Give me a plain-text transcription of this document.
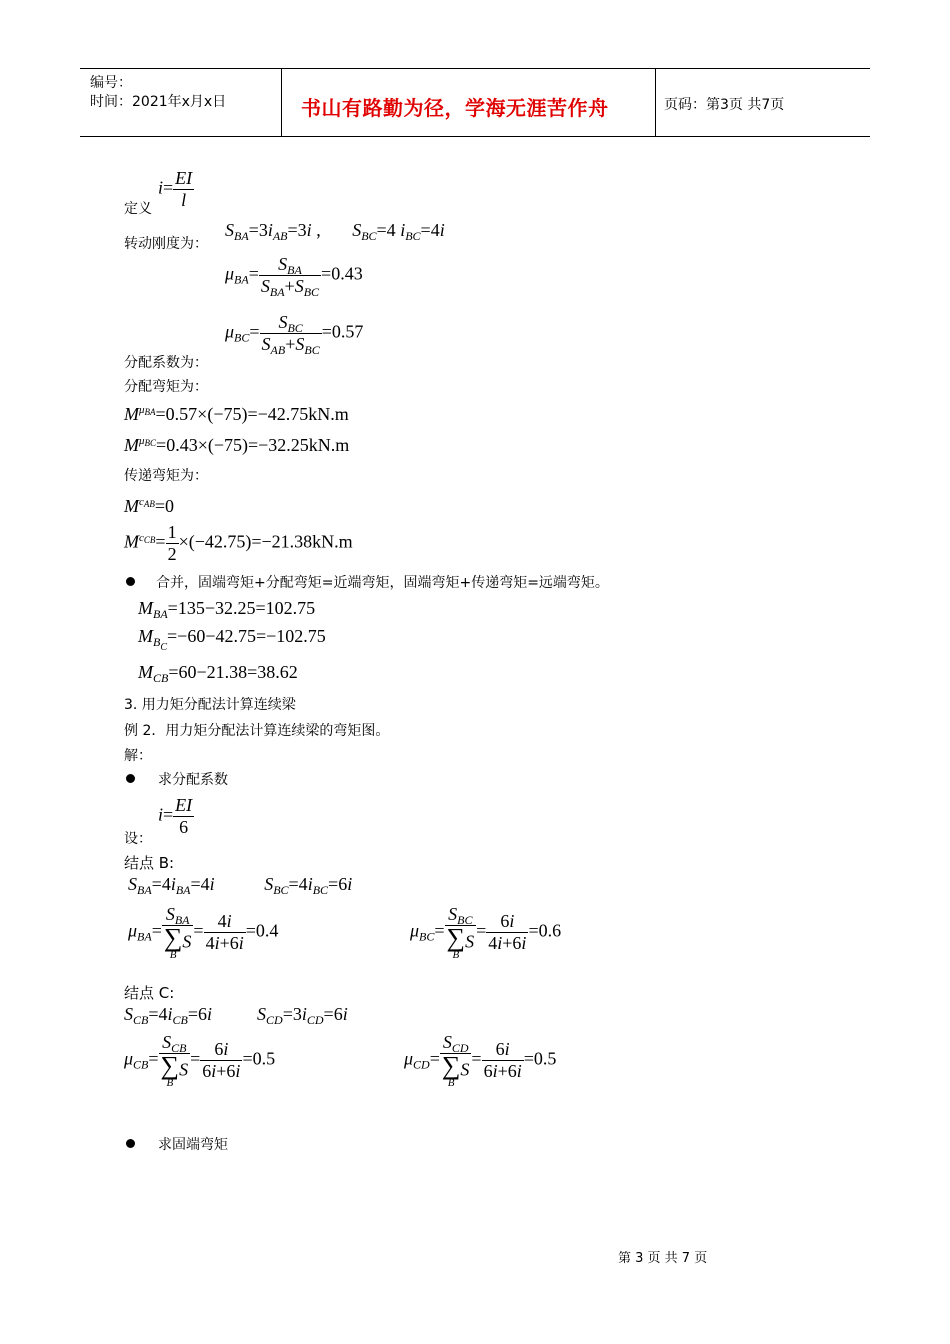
编号：
时间：2021年x月x日	书山有路勤为径，学海无涯苦作舟	页码：第3页 共7页
定义
$i= \frac{EI}{l}$
转动刚度为：
$S_{BA}=3i_{AB}=3i$ ,       $S_{BC}=4$ $i_{BC}=4i$
$\mu_{BA}= \frac{S_{BA}}{S_{BA}+S_{BC}} =0.43$
$\mu_{BC}= \frac{S_{BC}}{S_{AB}+S_{BC}} =0.57$
分配系数为：
分配弯矩为：
$M^{\mu_{BA}}=0.57\times(-75)=-42.75kN.m$
$M^{\mu_{BC}}=0.43\times(-75)=-32.25kN.m$
传递弯矩为：
$M^{c_{AB}}=0$
$M^{c_{CB}}= \frac{1}{2} \times(-42.75)=-21.38kN.m$
合并，固端弯矩+分配弯矩=近端弯矩，固端弯矩+传递弯矩=远端弯矩。
$M_{BA}=135-32.25=102.75$
$M_{B_C}=-60-42.75=-102.75$
$M_{CB}=60-21.38=38.62$
3. 用力矩分配法计算连续梁
例 2．用力矩分配法计算连续梁的弯矩图。
解：
求分配系数
$i= \frac{EI}{6}$
设：
结点 B:
$S_{BA}=4i_{BA}=4i$	$S_{BC}=4i_{BC}=6i$
$\mu_{BA}= S_{BA}$
∑
B
$S = \frac{4i}{4i+6i} =0.4$	$\mu_{BC}= S_{BC}$
∑
B
$S = \frac{6i}{4i+6i} =0.6$
结点 C:
$S_{CB}=4i_{CB}=6i$	$S_{CD}=3i_{CD}=6i$
$\mu_{CB}= S_{CB}$
∑
B
$S = \frac{6i}{6i+6i} =0.5$	$\mu_{CD}= S_{CD}$
∑
B
$S = \frac{6i}{6i+6i} =0.5$
求固端弯矩
第 3 页 共 7 页
